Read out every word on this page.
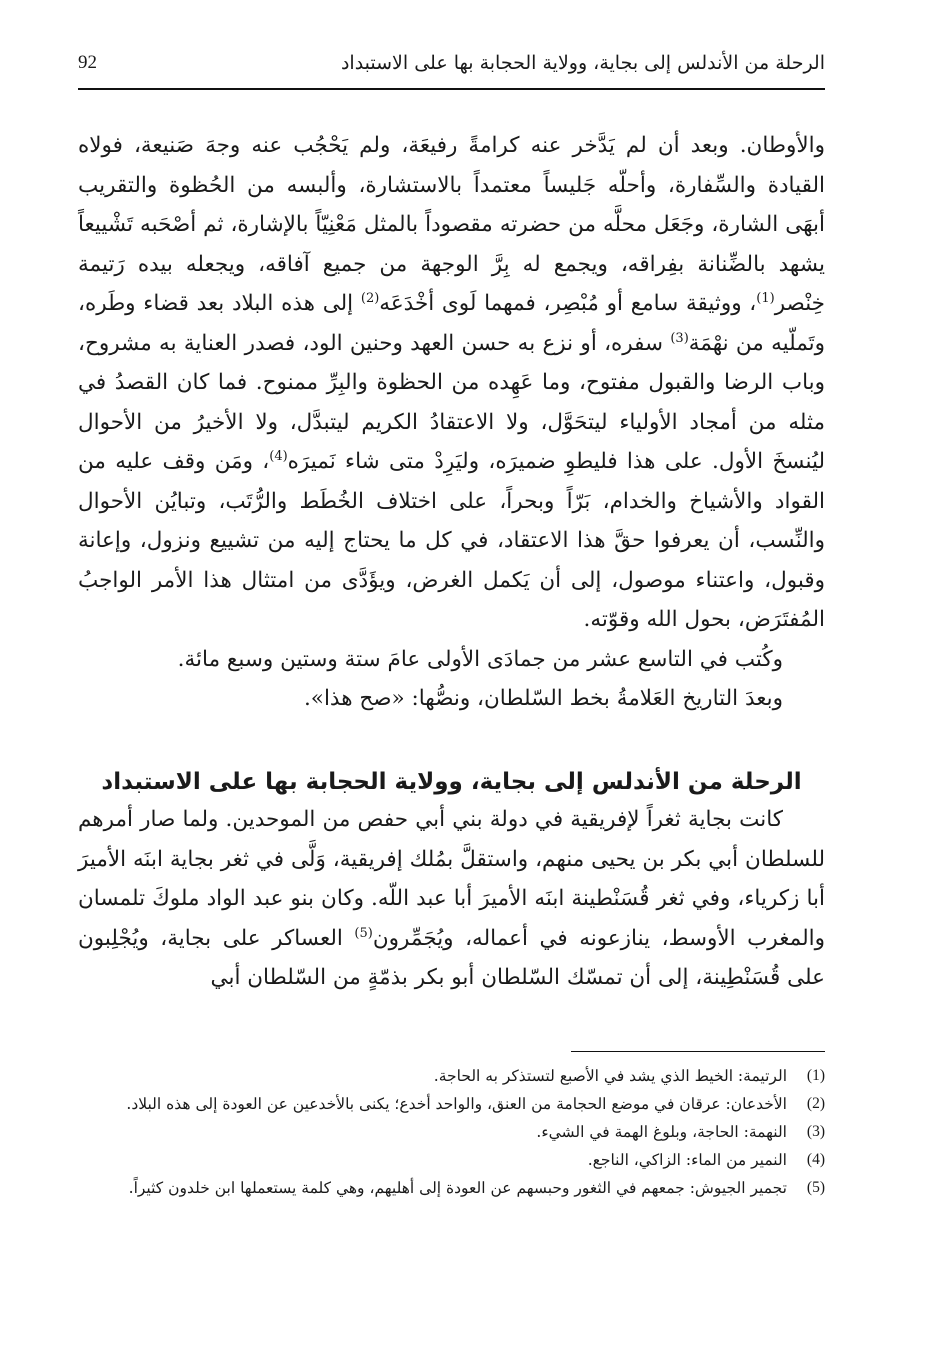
الرحلة من الأندلس إلى بجاية، وولاية الحجابة بها على الاستبداد
92

والأوطان. وبعد أن لم يَدَّخر عنه كرامةً رفيعَة، ولم يَحْجُب عنه وجهَ صَنيعة، فولاه القيادة والسِّفارة، وأحلّه جَليساً معتمداً بالاستشارة، وألبسه من الحُظوة والتقريب أبهَى الشارة، وجَعَل محلَّه من حضرته مقصوداً بالمثل مَعْنِيّاً بالإشارة، ثم أصْحَبه تَشْييعاً يشهد بالضِّنانة بفِراقه، ويجمع له بِرَّ الوجهة من جميع آفاقه، ويجعله بيده رَتيمة خِنْصر$^{(1)}$، ووثيقة سامع أو مُبْصِر، فمهما لَوى أخْدَعَه$^{(2)}$ إلى هذه البلاد بعد قضاء وطَره، وتَملّيه من نهْمَة$^{(3)}$ سفره، أو نزع به حسن العهد وحنين الود، فصدر العناية به مشروح، وباب الرضا والقبول مفتوح، وما عَهِده من الحظوة والبِرِّ ممنوح. فما كان القصدُ في مثله من أمجاد الأولياء ليتحَوَّل، ولا الاعتقادُ الكريم ليتبدَّل، ولا الأخيرُ من الأحوال ليُنسخَ الأول. على هذا فليطوِ ضميرَه، وليَرِدْ متى شاء نَميرَه$^{(4)}$، ومَن وقف عليه من القواد والأشياخ والخدام، بَرّاً وبحراً، على اختلاف الخُطَط والرُّتَب، وتبايُن الأحوال والنِّسب، أن يعرفوا حقَّ هذا الاعتقاد، في كل ما يحتاج إليه من تشييع ونزول، وإعانة وقبول، واعتناء موصول، إلى أن يَكمل الغرض، ويؤَدَّى من امتثال هذا الأمر الواجبُ المُفتَرَض، بحول الله وقوّته.

وكُتب في التاسع عشر من جمادَى الأولى عامَ ستة وستين وسبع مائة.

وبعدَ التاريخ العَلامةُ بخط السّلطان، ونصُّها: «صح هذا».

الرحلة من الأندلس إلى بجاية، وولاية الحجابة بها على الاستبداد

كانت بجاية ثغراً لإفريقية في دولة بني أبي حفص من الموحدين. ولما صار أمرهم للسلطان أبي بكر بن يحيى منهم، واستقلَّ بمُلك إفريقية، وَلَّى في ثغر بجاية ابنَه الأميرَ أبا زكرياء، وفي ثغر قُسَنْطينة ابنَه الأميرَ أبا عبد اللّه. وكان بنو عبد الواد ملوكَ تلمسان والمغرب الأوسط، ينازعونه في أعماله، ويُجَمِّرون$^{(5)}$ العساكر على بجاية، ويُجْلِبون على قُسَنْطِينة، إلى أن تمسّك السّلطان أبو بكر بذمّةٍ من السّلطان أبي

(1)
الرتيمة: الخيط الذي يشد في الأصبع لتستذكر به الحاجة.
(2)
الأخدعان: عرقان في موضع الحجامة من العنق، والواحد أخدع؛ يكنى بالأخدعين عن العودة إلى هذه البلاد.
(3)
النهمة: الحاجة، وبلوغ الهمة في الشيء.
(4)
النمير من الماء: الزاكي، الناجع.
(5)
تجمير الجيوش: جمعهم في الثغور وحبسهم عن العودة إلى أهليهم، وهي كلمة يستعملها ابن خلدون كثيراً.
